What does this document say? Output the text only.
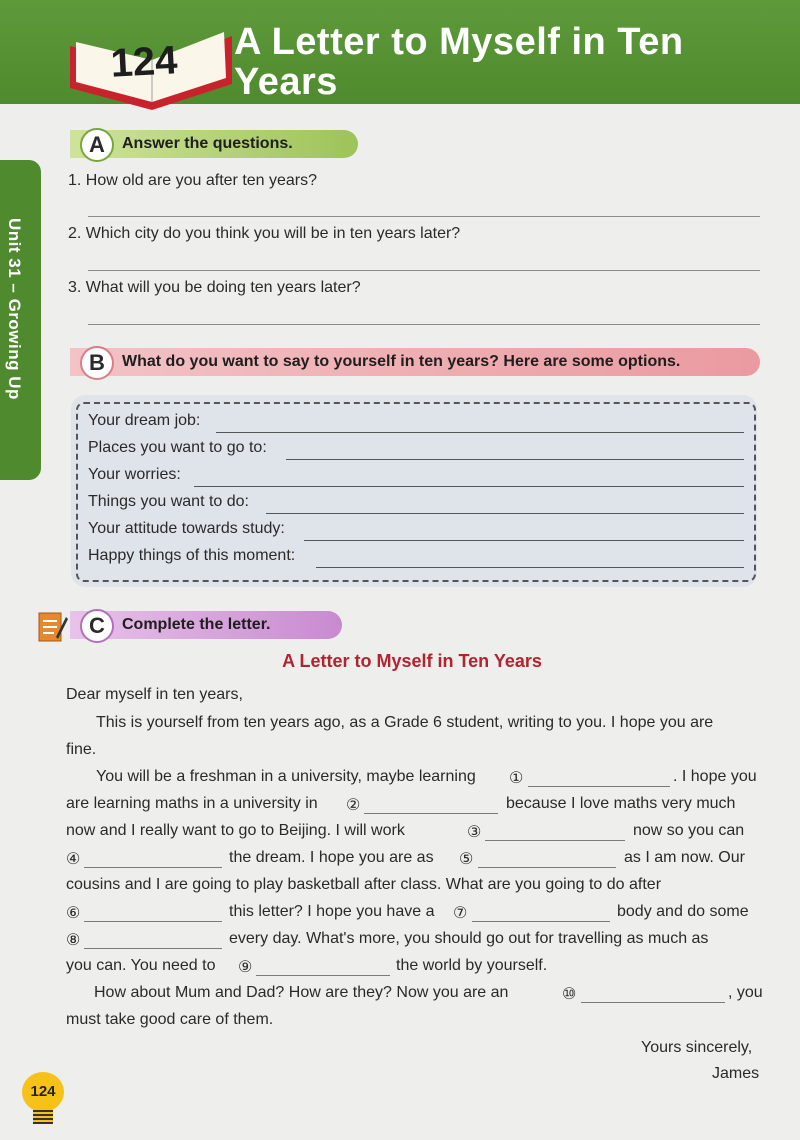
124	A Letter to Myself in Ten
Years
Unit 31 – Growing Up
A	Answer the questions.
1. How old are you after ten years?
2. Which city do you think you will be in ten years later?
3. What will you be doing ten years later?
B	What do you want to say to yourself in ten years? Here are some options.
Your dream job:
Places you want to go to:
Your worries:
Things you want to do:
Your attitude towards study:
Happy things of this moment:
C	Complete the letter.
A Letter to Myself in Ten Years
Dear myself in ten years,
This is yourself from ten years ago, as a Grade 6 student, writing to you. I hope you are
fine.
You will be a freshman in a university, maybe learning ①	. I hope you
are learning maths in a university in ②	because I love maths very much
now and I really want to go to Beijing. I will work	③	now so you can
④	the dream. I hope you are as ⑤	as I am now. Our
cousins and I are going to play basketball after class. What are you going to do after
⑥	this letter? I hope you have a ⑦	body and do some
⑧	every day. What's more, you should go out for travelling as much as
you can. You need to ⑨	the world by yourself.
How about Mum and Dad? How are they? Now you are an	⑩	, you
must take good care of them.
Yours sincerely,
James
124
